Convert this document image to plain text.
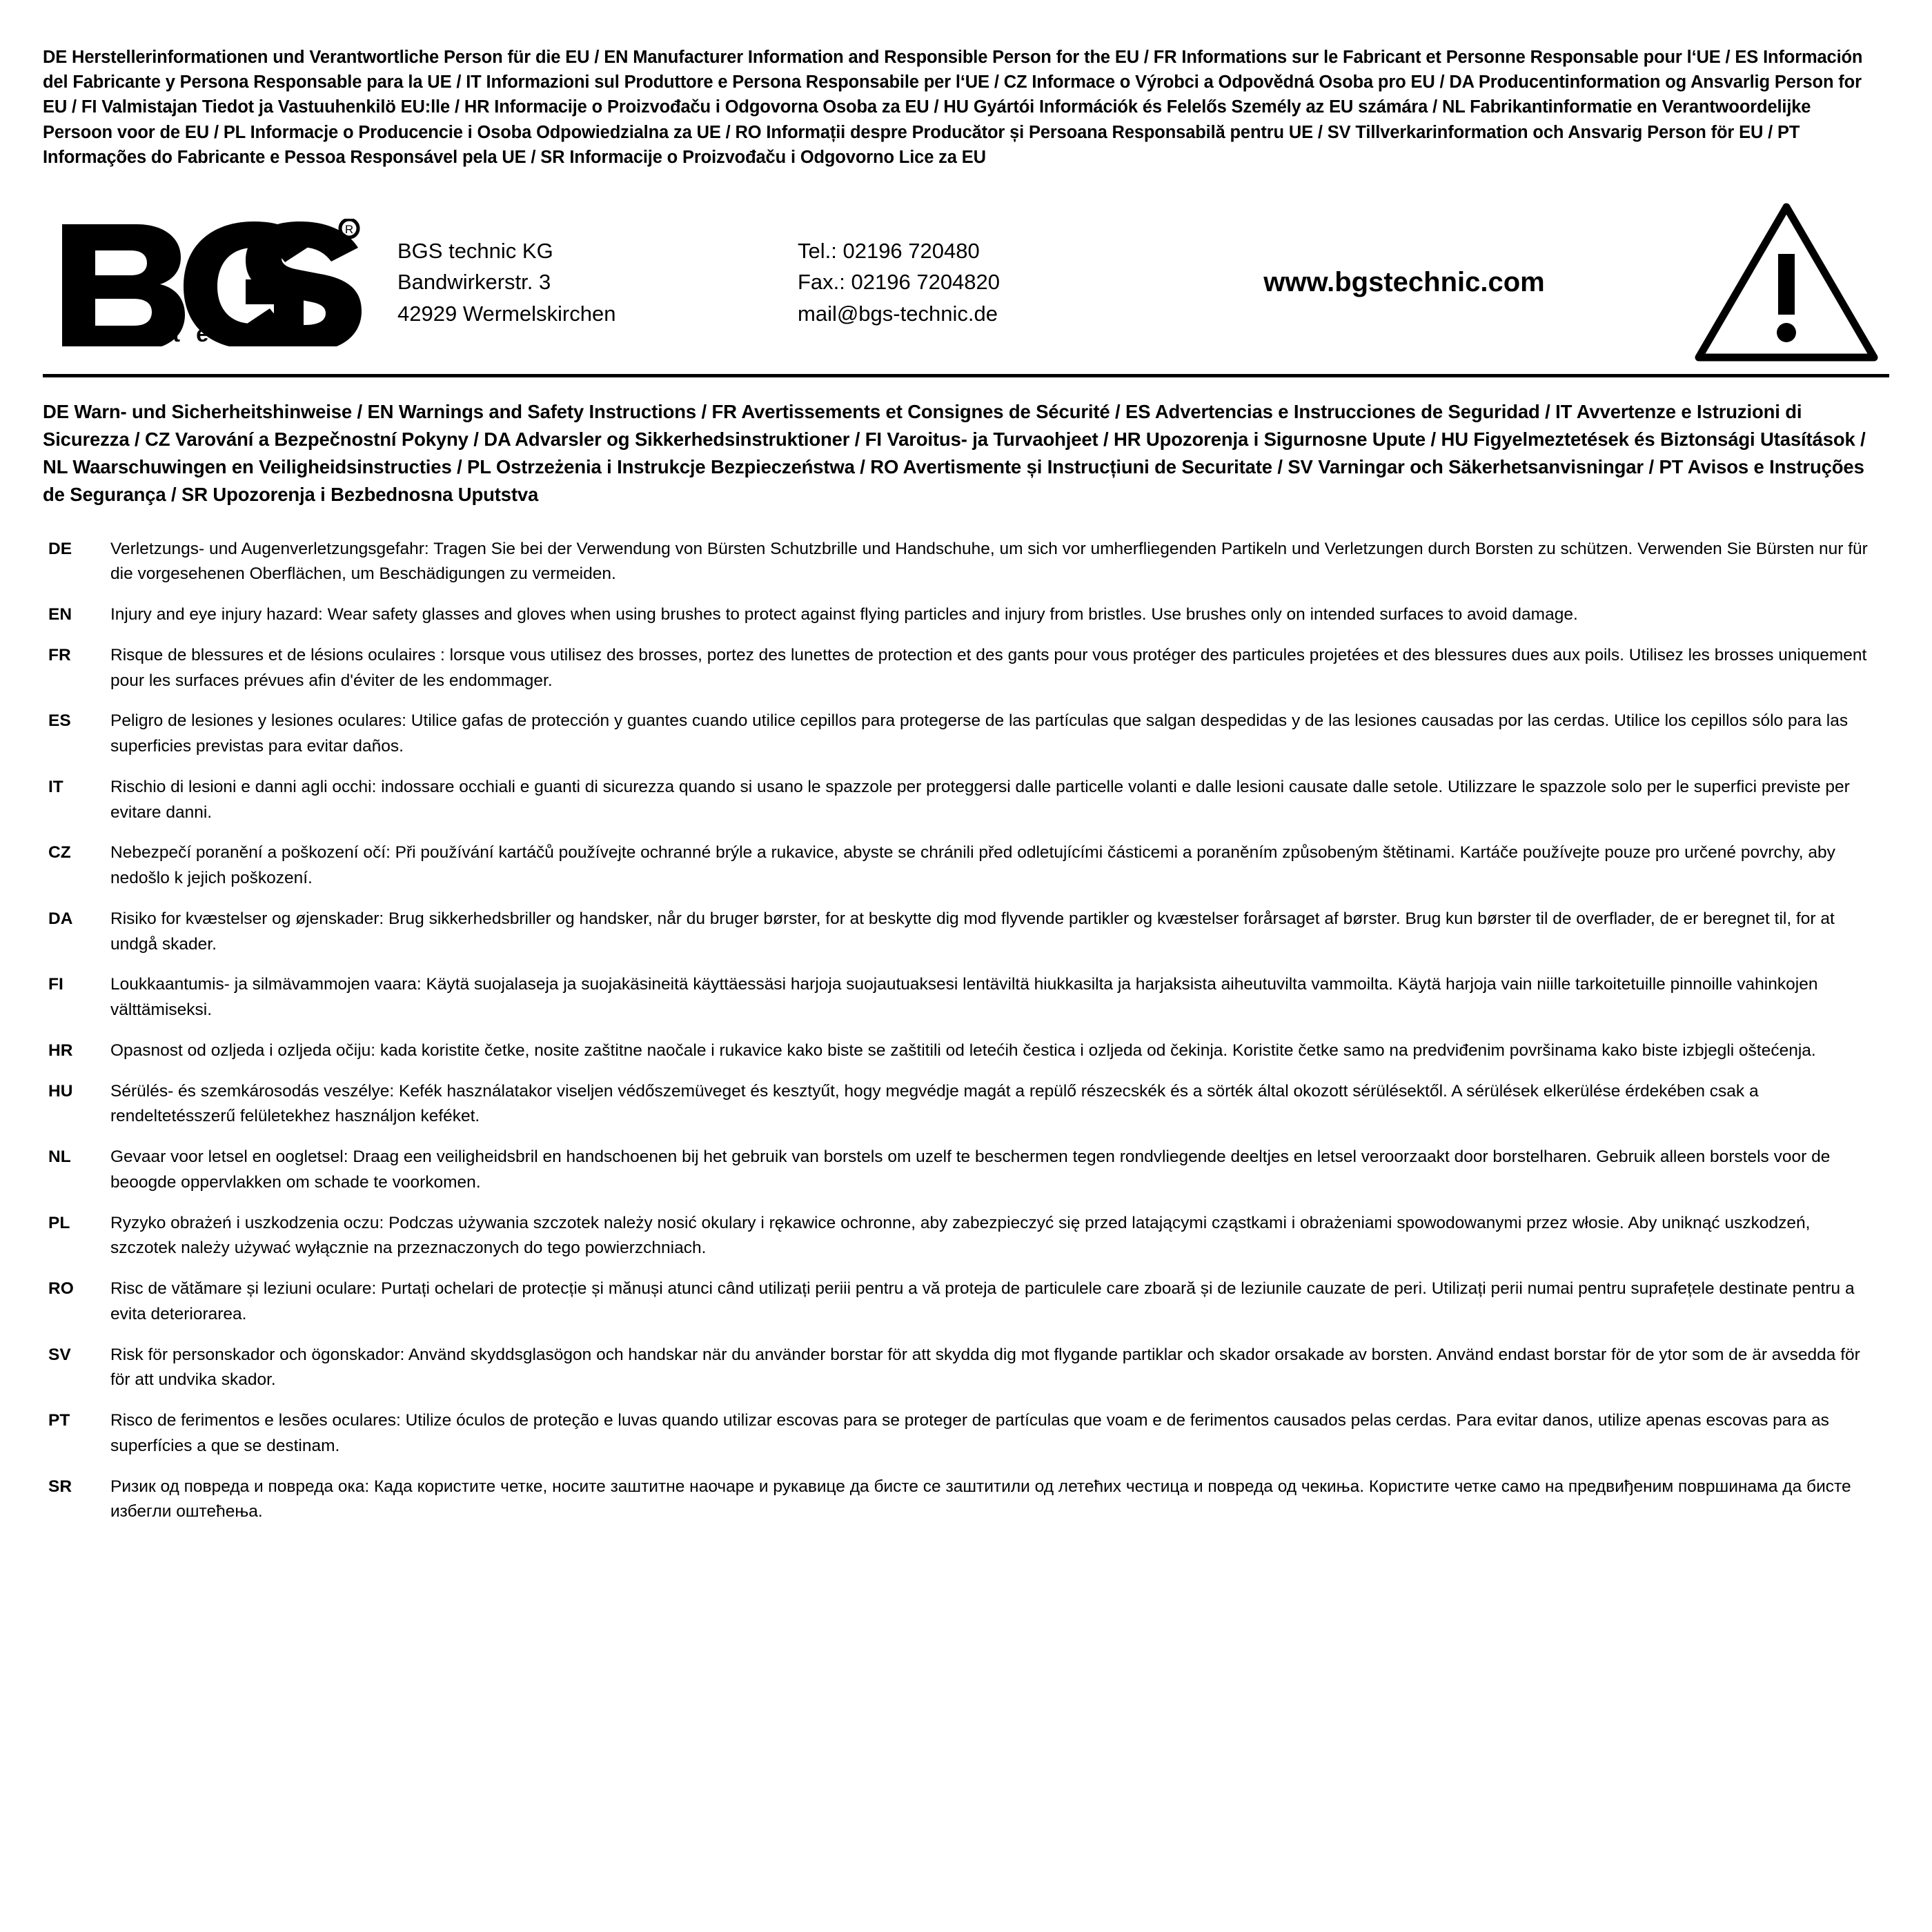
DE Herstellerinformationen und Verantwortliche Person für die EU / EN Manufacturer Information and Responsible Person for the EU / FR Informations sur le Fabricant et Personne Responsable pour l‘UE / ES Información del Fabricante y Persona Responsable para la UE / IT Informazioni sul Produttore e Persona Responsabile per l‘UE / CZ Informace o Výrobci a Odpovědná Osoba pro EU / DA Producentinformation og Ansvarlig Person for EU / FI Valmistajan Tiedot ja Vastuuhenkilö EU:lle / HR Informacije o Proizvođaču i Odgovorna Osoba za EU / HU Gyártói Információk és Felelős Személy az EU számára / NL Fabrikantinformatie en Verantwoordelijke Persoon voor de EU / PL Informacje o Producencie i Osoba Odpowiedzialna za UE / RO Informații despre Producător și Persoana Responsabilă pentru UE / SV Tillverkarinformation och Ansvarig Person för EU / PT Informações do Fabricante e Pessoa Responsável pela UE / SR Informacije o Proizvođaču i Odgovorno Lice za EU
R
t e c h n i c
BGS technic KG
Bandwirkerstr. 3
42929 Wermelskirchen
Tel.: 02196 720480
Fax.: 02196 7204820
mail@bgs-technic.de
www.bgstechnic.com
DE Warn- und Sicherheitshinweise / EN Warnings and Safety Instructions / FR Avertissements et Consignes de Sécurité / ES Advertencias e Instrucciones de Seguridad / IT Avvertenze e Istruzioni di Sicurezza / CZ Varování a Bezpečnostní Pokyny / DA Advarsler og Sikkerhedsinstruktioner / FI Varoitus- ja Turvaohjeet / HR Upozorenja i Sigurnosne Upute / HU Figyelmeztetések és Biztonsági Utasítások / NL Waarschuwingen en Veiligheidsinstructies / PL Ostrzeżenia i Instrukcje Bezpieczeństwa / RO Avertismente și Instrucțiuni de Securitate / SV Varningar och Säkerhetsanvisningar / PT Avisos e Instruções de Segurança / SR Upozorenja i Bezbednosna Uputstva
DE	Verletzungs- und Augenverletzungsgefahr: Tragen Sie bei der Verwendung von Bürsten Schutzbrille und Handschuhe, um sich vor umherfliegenden Partikeln und Verletzungen durch Borsten zu schützen. Verwenden Sie Bürsten nur für die vorgesehenen Oberflächen, um Beschädigungen zu vermeiden.
EN	Injury and eye injury hazard: Wear safety glasses and gloves when using brushes to protect against flying particles and injury from bristles. Use brushes only on intended surfaces to avoid damage.
FR	Risque de blessures et de lésions oculaires : lorsque vous utilisez des brosses, portez des lunettes de protection et des gants pour vous protéger des particules projetées et des blessures dues aux poils. Utilisez les brosses uniquement pour les surfaces prévues afin d'éviter de les endommager.
ES	Peligro de lesiones y lesiones oculares: Utilice gafas de protección y guantes cuando utilice cepillos para protegerse de las partículas que salgan despedidas y de las lesiones causadas por las cerdas. Utilice los cepillos sólo para las superficies previstas para evitar daños.
IT	Rischio di lesioni e danni agli occhi: indossare occhiali e guanti di sicurezza quando si usano le spazzole per proteggersi dalle particelle volanti e dalle lesioni causate dalle setole. Utilizzare le spazzole solo per le superfici previste per evitare danni.
CZ	Nebezpečí poranění a poškození očí: Při používání kartáčů používejte ochranné brýle a rukavice, abyste se chránili před odletujícími částicemi a poraněním způsobeným štětinami. Kartáče používejte pouze pro určené povrchy, aby nedošlo k jejich poškození.
DA	Risiko for kvæstelser og øjenskader: Brug sikkerhedsbriller og handsker, når du bruger børster, for at beskytte dig mod flyvende partikler og kvæstelser forårsaget af børster. Brug kun børster til de overflader, de er beregnet til, for at undgå skader.
FI	Loukkaantumis- ja silmävammojen vaara: Käytä suojalaseja ja suojakäsineitä käyttäessäsi harjoja suojautuaksesi lentäviltä hiukkasilta ja harjaksista aiheutuvilta vammoilta. Käytä harjoja vain niille tarkoitetuille pinnoille vahinkojen välttämiseksi.
HR	Opasnost od ozljeda i ozljeda očiju: kada koristite četke, nosite zaštitne naočale i rukavice kako biste se zaštitili od letećih čestica i ozljeda od čekinja. Koristite četke samo na predviđenim površinama kako biste izbjegli oštećenja.
HU	Sérülés- és szemkárosodás veszélye: Kefék használatakor viseljen védőszemüveget és kesztyűt, hogy megvédje magát a repülő részecskék és a sörték által okozott sérülésektől. A sérülések elkerülése érdekében csak a rendeltetésszerű felületekhez használjon keféket.
NL	Gevaar voor letsel en oogletsel: Draag een veiligheidsbril en handschoenen bij het gebruik van borstels om uzelf te beschermen tegen rondvliegende deeltjes en letsel veroorzaakt door borstelharen. Gebruik alleen borstels voor de beoogde oppervlakken om schade te voorkomen.
PL	Ryzyko obrażeń i uszkodzenia oczu: Podczas używania szczotek należy nosić okulary i rękawice ochronne, aby zabezpieczyć się przed latającymi cząstkami i obrażeniami spowodowanymi przez włosie. Aby uniknąć uszkodzeń, szczotek należy używać wyłącznie na przeznaczonych do tego powierzchniach.
RO	Risc de vătămare și leziuni oculare: Purtați ochelari de protecție și mănuși atunci când utilizați periii pentru a vă proteja de particulele care zboară și de leziunile cauzate de peri. Utilizați perii numai pentru suprafețele destinate pentru a evita deteriorarea.
SV	Risk för personskador och ögonskador: Använd skyddsglasögon och handskar när du använder borstar för att skydda dig mot flygande partiklar och skador orsakade av borsten. Använd endast borstar för de ytor som de är avsedda för för att undvika skador.
PT	Risco de ferimentos e lesões oculares: Utilize óculos de proteção e luvas quando utilizar escovas para se proteger de partículas que voam e de ferimentos causados pelas cerdas. Para evitar danos, utilize apenas escovas para as superfícies a que se destinam.
SR	Ризик од повреда и повреда ока: Када користите четке, носите заштитне наочаре и рукавице да бисте се заштитили од летећих честица и повреда од чекиња. Користите четке само на предвиђеним површинама да бисте избегли оштећења.
